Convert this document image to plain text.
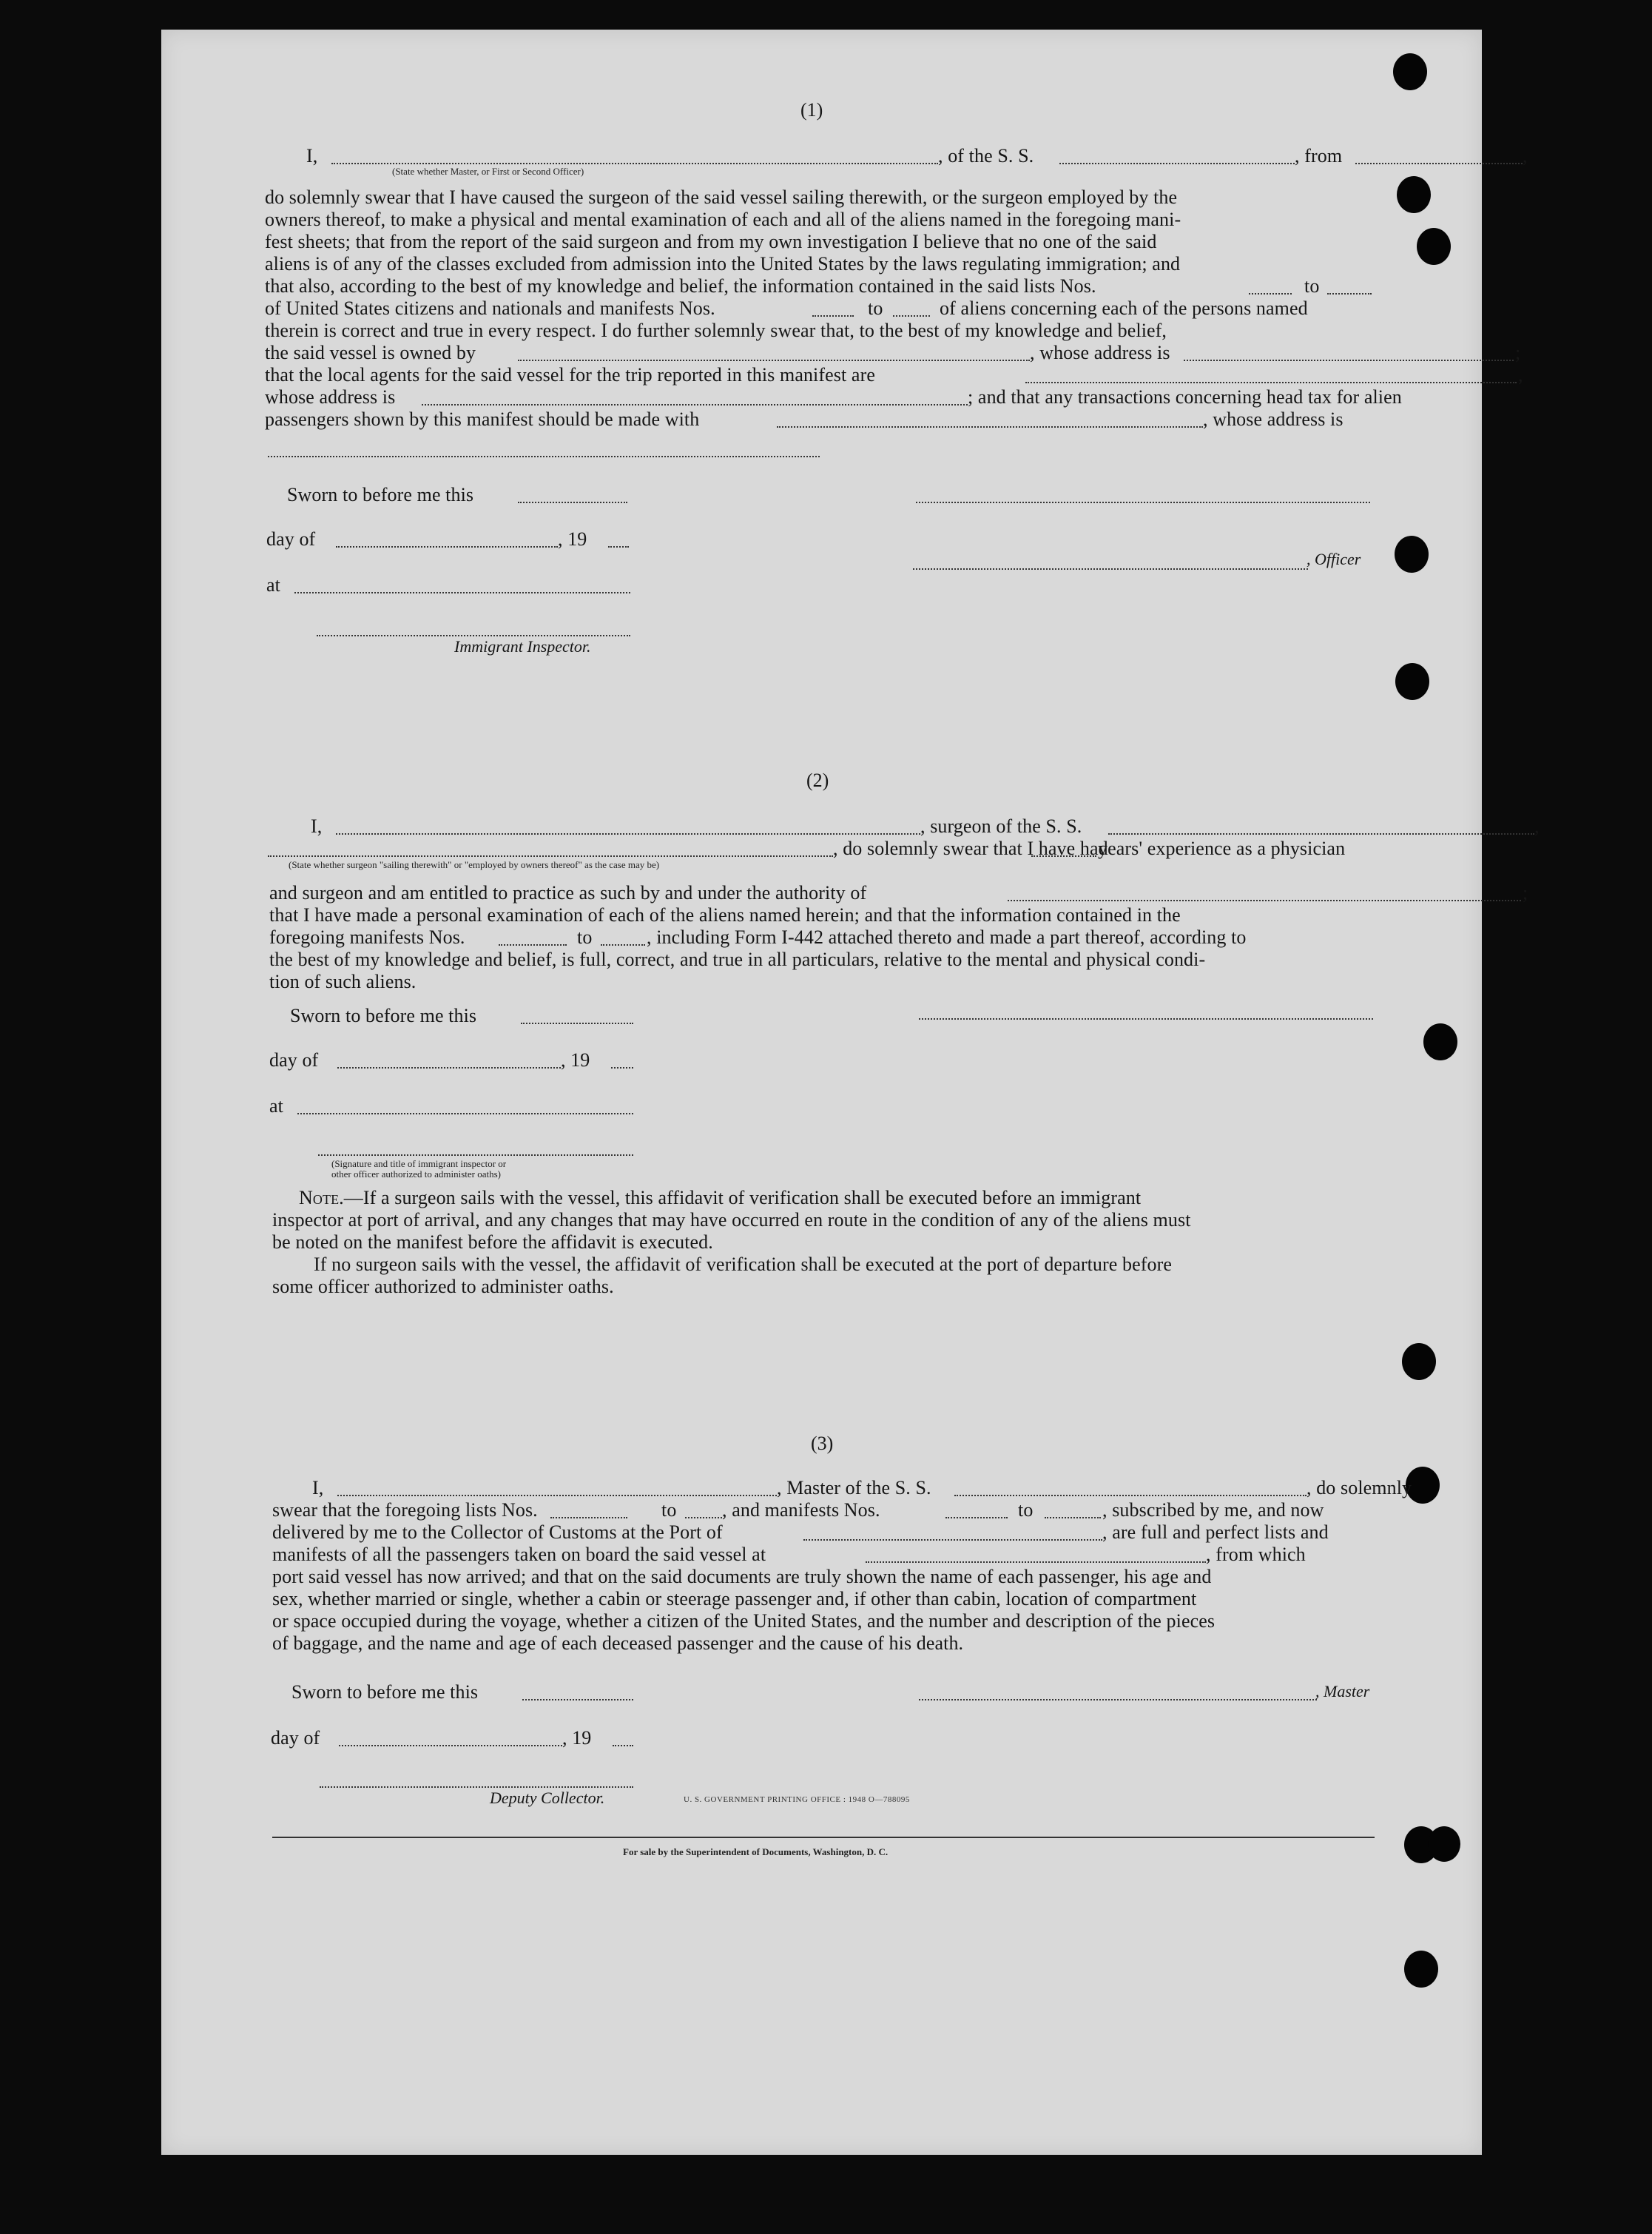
(1)
I,	, of the S. S.	, from	,
(State whether Master, or First or Second Officer)
do solemnly swear that I have caused the surgeon of the said vessel sailing therewith, or the surgeon employed by the
owners thereof, to make a physical and mental examination of each and all of the aliens named in the foregoing mani-
fest sheets; that from the report of the said surgeon and from my own investigation I believe that no one of the said
aliens is of any of the classes excluded from admission into the United States by the laws regulating immigration; and
that also, according to the best of my knowledge and belief, the information contained in the said lists Nos.	to
of United States citizens and nationals and manifests Nos.	to	of aliens concerning each of the persons named
therein is correct and true in every respect. I do further solemnly swear that, to the best of my knowledge and belief,
the said vessel is owned by	, whose address is	;
that the local agents for the said vessel for the trip reported in this manifest are	,
whose address is	; and that any transactions concerning head tax for alien
passengers shown by this manifest should be made with	, whose address is
Sworn to before me this
day of	, 19
, Officer
at
Immigrant Inspector.
(2)
I,	, surgeon of the S. S.	,
, do solemnly swear that I have had
years' experience as a physician
(State whether surgeon "sailing therewith" or "employed by owners thereof" as the case may be)
and surgeon and am entitled to practice as such by and under the authority of	;
that I have made a personal examination of each of the aliens named herein; and that the information contained in the
foregoing manifests Nos.	to	, including Form I-442 attached thereto and made a part thereof, according to
the best of my knowledge and belief, is full, correct, and true in all particulars, relative to the mental and physical condi-
tion of such aliens.
Sworn to before me this
day of	, 19
at
(Signature and title of immigrant inspector or
other officer authorized to administer oaths)
Note.—If a surgeon sails with the vessel, this affidavit of verification shall be executed before an immigrant
inspector at port of arrival, and any changes that may have occurred en route in the condition of any of the aliens must
be noted on the manifest before the affidavit is executed.
If no surgeon sails with the vessel, the affidavit of verification shall be executed at the port of departure before
some officer authorized to administer oaths.
(3)
I,	, Master of the S. S.	, do solemnly
swear that the foregoing lists Nos.	to , and manifests Nos.	to	, subscribed by me, and now
delivered by me to the Collector of Customs at the Port of	, are full and perfect lists and
manifests of all the passengers taken on board the said vessel at	, from which
port said vessel has now arrived; and that on the said documents are truly shown the name of each passenger, his age and
sex, whether married or single, whether a cabin or steerage passenger and, if other than cabin, location of compartment
or space occupied during the voyage, whether a citizen of the United States, and the number and description of the pieces
of baggage, and the name and age of each deceased passenger and the cause of his death.
Sworn to before me this	, Master
day of	, 19
Deputy Collector.	U. S. GOVERNMENT PRINTING OFFICE : 1948 O—788095
For sale by the Superintendent of Documents, Washington, D. C.
